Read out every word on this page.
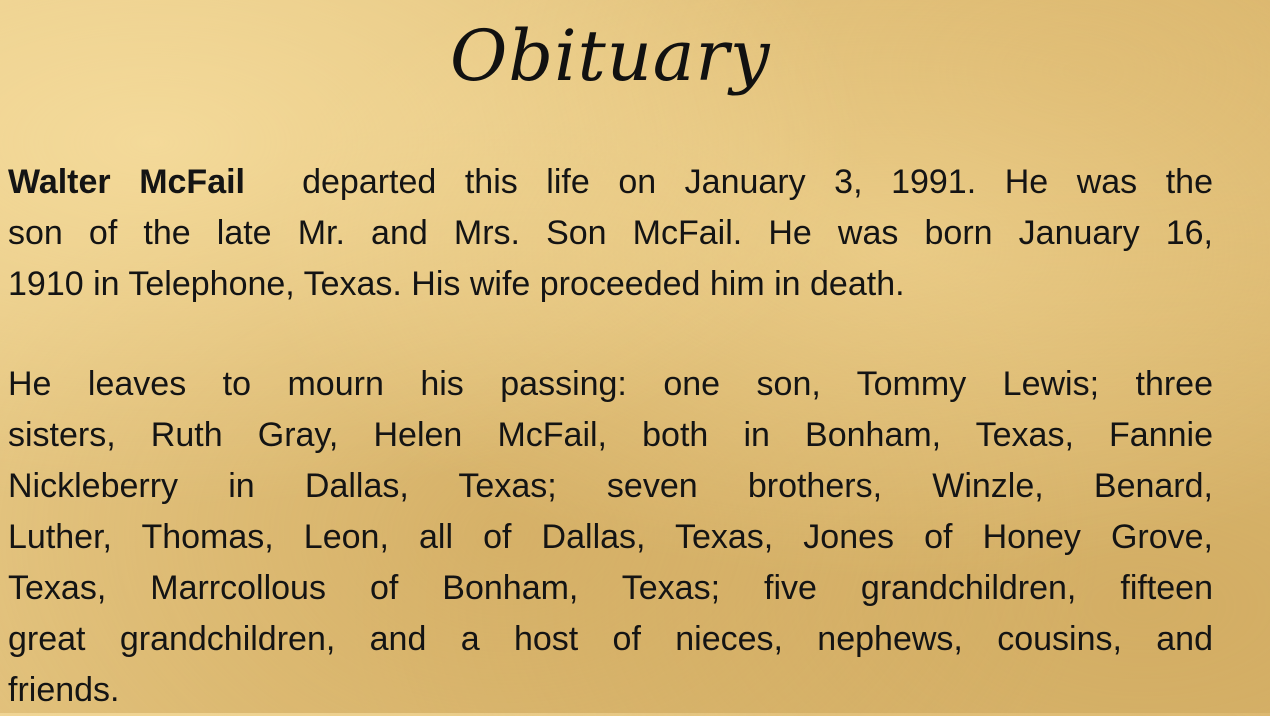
Obituary
Walter McFail departed this life on January 3, 1991. He was the
son of the late Mr. and Mrs. Son McFail. He was born January 16,
1910 in Telephone, Texas. His wife proceeded him in death.
He leaves to mourn his passing: one son, Tommy Lewis; three
sisters, Ruth Gray, Helen McFail, both in Bonham, Texas, Fannie
Nickleberry in Dallas, Texas; seven brothers, Winzle, Benard,
Luther, Thomas, Leon, all of Dallas, Texas, Jones of Honey Grove,
Texas, Marrcollous of Bonham, Texas; five grandchildren, fifteen
great grandchildren, and a host of nieces, nephews, cousins, and
friends.
